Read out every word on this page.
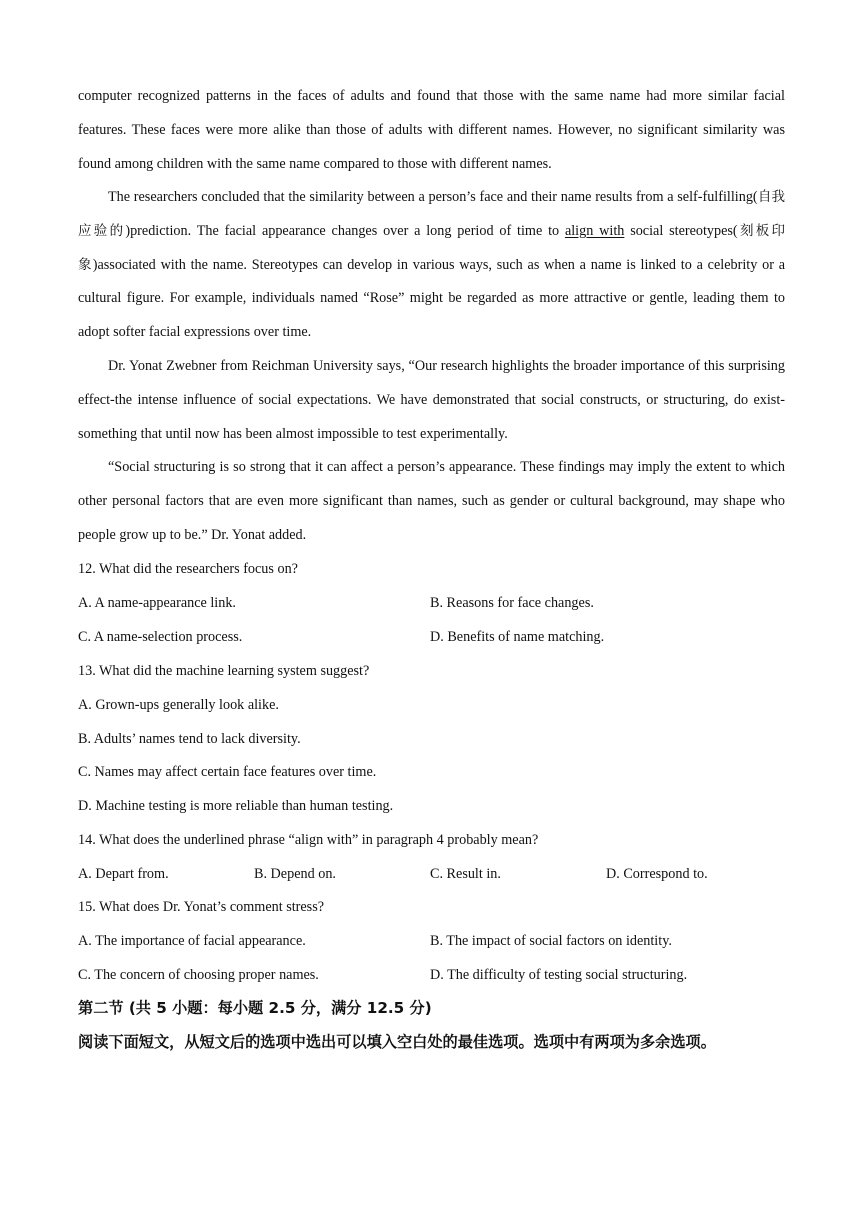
computer recognized patterns in the faces of adults and found that those with the same name had more similar facial features. These faces were more alike than those of adults with different names. However, no significant similarity was found among children with the same name compared to those with different names.

The researchers concluded that the similarity between a person’s face and their name results from a self-fulfilling(自我应验的)prediction. The facial appearance changes over a long period of time to align with social stereotypes(刻板印象)associated with the name. Stereotypes can develop in various ways, such as when a name is linked to a celebrity or a cultural figure. For example, individuals named “Rose” might be regarded as more attractive or gentle, leading them to adopt softer facial expressions over time.

Dr. Yonat Zwebner from Reichman University says, “Our research highlights the broader importance of this surprising effect-the intense influence of social expectations. We have demonstrated that social constructs, or structuring, do exist-something that until now has been almost impossible to test experimentally.

“Social structuring is so strong that it can affect a person’s appearance. These findings may imply the extent to which other personal factors that are even more significant than names, such as gender or cultural background, may shape who people grow up to be.” Dr. Yonat added.

12. What did the researchers focus on?
A. A name-appearance link.	B. Reasons for face changes.
C. A name-selection process.	D. Benefits of name matching.
13. What did the machine learning system suggest?
A. Grown-ups generally look alike.
B. Adults’ names tend to lack diversity.
C. Names may affect certain face features over time.
D. Machine testing is more reliable than human testing.
14. What does the underlined phrase “align with” in paragraph 4 probably mean?
A. Depart from.	B. Depend on.	C. Result in.	D. Correspond to.
15. What does Dr. Yonat’s comment stress?
A. The importance of facial appearance.	B. The impact of social factors on identity.
C. The concern of choosing proper names.	D. The difficulty of testing social structuring.
第二节 (共 5 小题：每小题 2.5 分，满分 12.5 分)

阅读下面短文，从短文后的选项中选出可以填入空白处的最佳选项。选项中有两项为多余选项。
